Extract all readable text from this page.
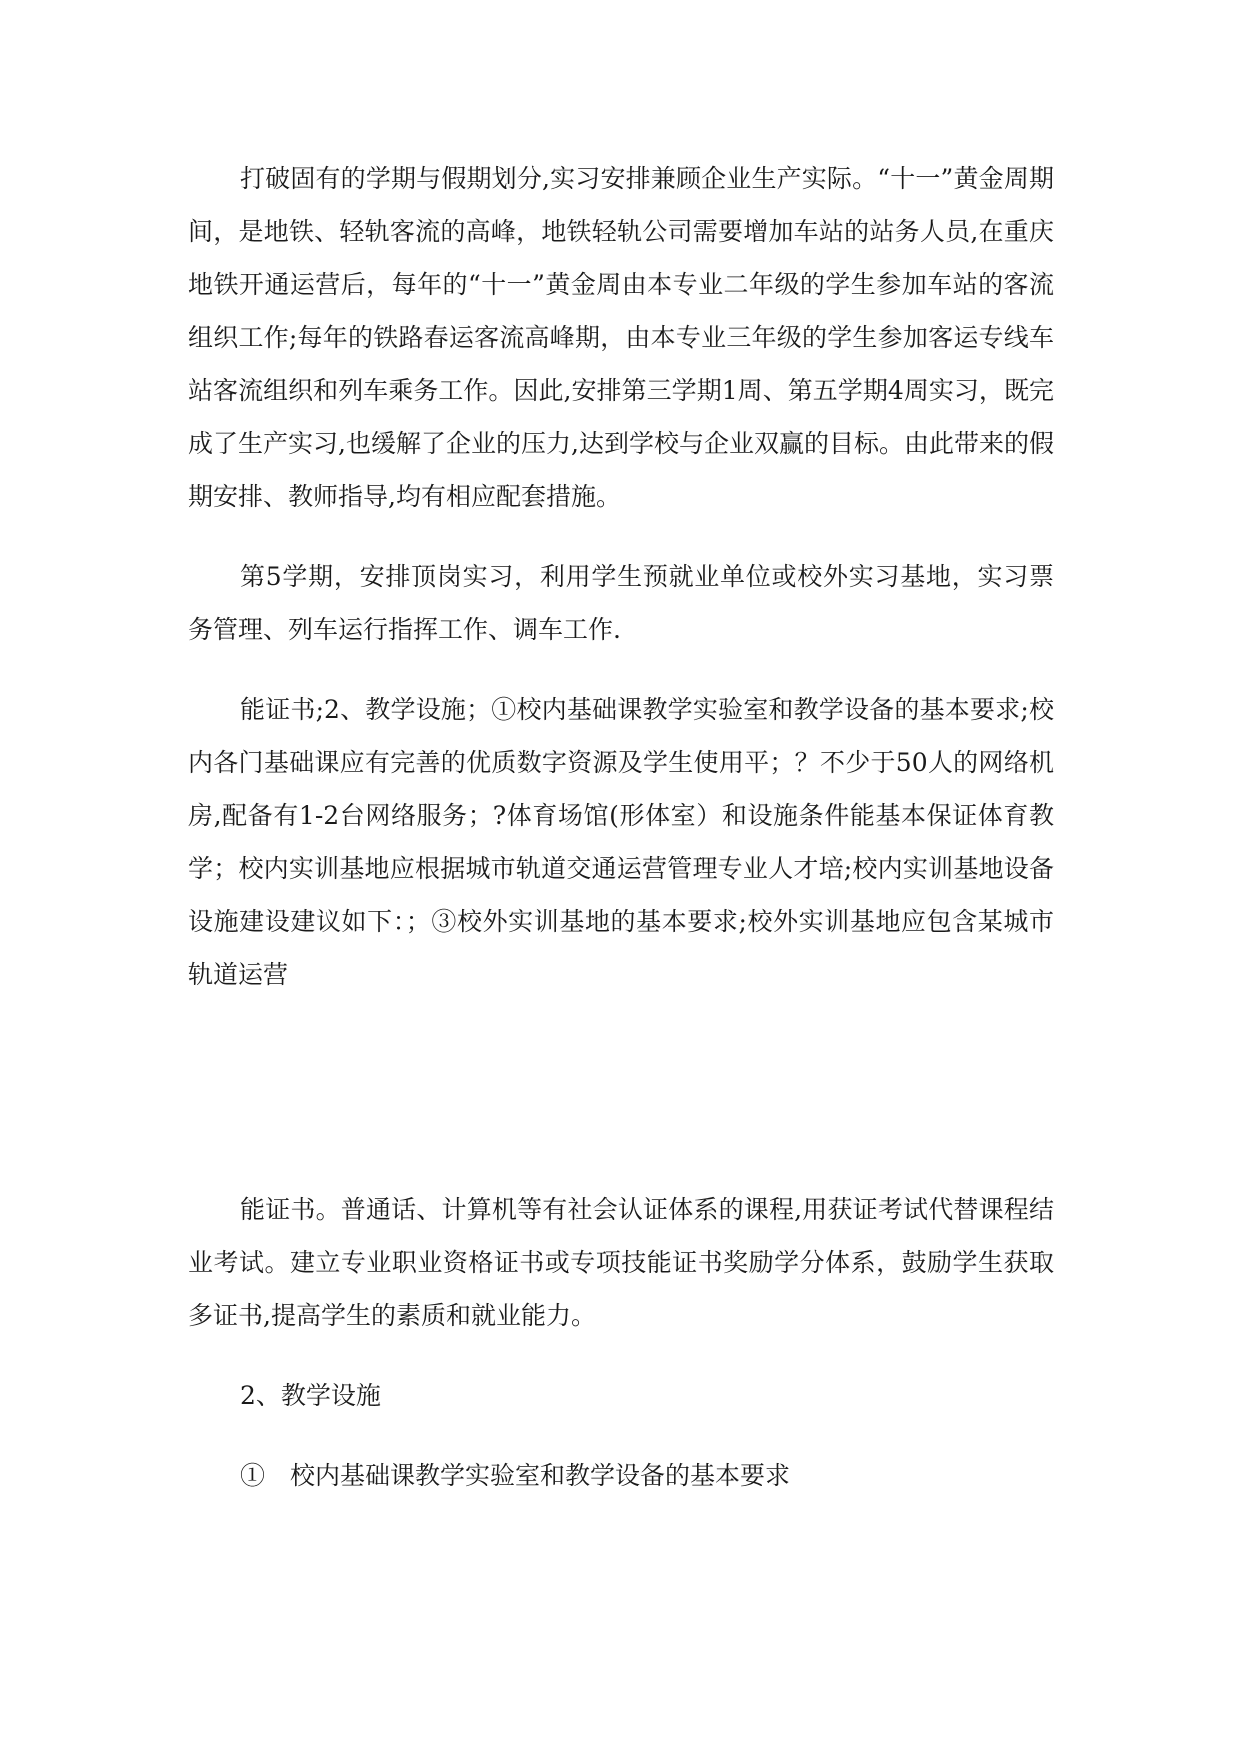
打破固有的学期与假期划分,实习安排兼顾企业生产实际。“十一”黄金周期间，是地铁、轻轨客流的高峰，地铁轻轨公司需要增加车站的站务人员,在重庆地铁开通运营后，每年的“十一”黄金周由本专业二年级的学生参加车站的客流组织工作;每年的铁路春运客流高峰期，由本专业三年级的学生参加客运专线车站客流组织和列车乘务工作。因此,安排第三学期1周、第五学期4周实习，既完成了生产实习,也缓解了企业的压力,达到学校与企业双赢的目标。由此带来的假期安排、教师指导,均有相应配套措施。

第5学期，安排顶岗实习，利用学生预就业单位或校外实习基地，实习票务管理、列车运行指挥工作、调车工作.

能证书;2、教学设施；①校内基础课教学实验室和教学设备的基本要求;校内各门基础课应有完善的优质数字资源及学生使用平；？不少于50人的网络机房,配备有1-2台网络服务；?体育场馆(形体室）和设施条件能基本保证体育教学；校内实训基地应根据城市轨道交通运营管理专业人才培;校内实训基地设备设施建设建议如下：；③校外实训基地的基本要求;校外实训基地应包含某城市轨道运营

能证书。普通话、计算机等有社会认证体系的课程,用获证考试代替课程结业考试。建立专业职业资格证书或专项技能证书奖励学分体系，鼓励学生获取多证书,提高学生的素质和就业能力。

2、教学设施

①　校内基础课教学实验室和教学设备的基本要求
